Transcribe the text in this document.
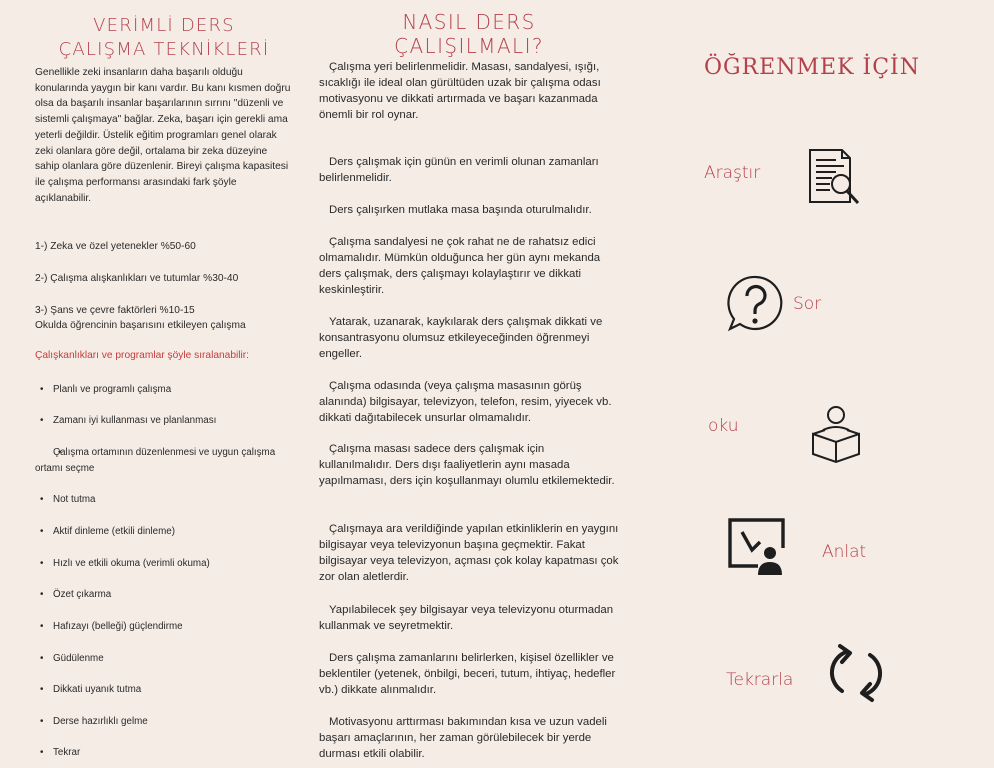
VERİMLİ DERS
ÇALIŞMA TEKNİKLERİ

Genellikle zeki insanların daha başarılı olduğu konularında yaygın bir kanı vardır. Bu kanı kısmen doğru olsa da başarılı insanlar başarılarının sırrını "düzenli ve sistemli çalışmaya" bağlar. Zeka, başarı için gerekli ama yeterli değildir. Üstelik eğitim programları genel olarak zeki olanlara göre değil, ortalama bir zeka düzeyine sahip olanlara göre düzenlenir. Bireyi çalışma kapasitesi ile çalışma performansı arasındaki fark şöyle açıklanabilir.

1-) Zeka ve özel yetenekler %50-60

2-) Çalışma alışkanlıkları ve tutumlar %30-40

3-) Şans ve çevre faktörleri %10-15

Okulda öğrencinin başarısını etkileyen çalışma

Çalışkanlıkları ve programlar şöyle sıralanabilir:
• Planlı ve programlı çalışma
• Zamanı iyi kullanması ve planlanması
• Çalışma ortamının düzenlenmesi ve uygun çalışma ortamı seçme
• Not tutma
• Aktif dinleme (etkili dinleme)
• Hızlı ve etkili okuma (verimli okuma)
• Özet çıkarma
• Hafızayı (belleği) güçlendirme
• Güdülenme
• Dikkati uyanık tutma
• Derse hazırlıklı gelme
• Tekrar
NASIL DERS
ÇALIŞILMALI?

Çalışma yeri belirlenmelidir. Masası, sandalyesi, ışığı, sıcaklığı ile ideal olan gürültüden uzak bir çalışma odası motivasyonu ve dikkati artırmada ve başarı kazanmada önemli bir rol oynar.

Ders çalışmak için günün en verimli olunan zamanları belirlenmelidir.

Ders çalışırken mutlaka masa başında oturulmalıdır.

Çalışma sandalyesi ne çok rahat ne de rahatsız edici olmamalıdır. Mümkün olduğunca her gün aynı mekanda ders çalışmak, ders çalışmayı kolaylaştırır ve dikkati keskinleştirir.

Yatarak, uzanarak, kaykılarak ders çalışmak dikkati ve konsantrasyonu olumsuz etkileyeceğinden öğrenmeyi engeller.

Çalışma odasında (veya çalışma masasının görüş alanında) bilgisayar, televizyon, telefon, resim, yiyecek vb. dikkati dağıtabilecek unsurlar olmamalıdır.

Çalışma masası sadece ders çalışmak için kullanılmalıdır. Ders dışı faaliyetlerin aynı masada yapılmaması, ders için koşullanmayı olumlu etkilemektedir.

Çalışmaya ara verildiğinde yapılan etkinliklerin en yaygını bilgisayar veya televizyonun başına geçmektir. Fakat bilgisayar veya televizyon, açması çok kolay kapatması çok zor olan aletlerdir.

Yapılabilecek şey bilgisayar veya televizyonu oturmadan kullanmak ve seyretmektir.

Ders çalışma zamanlarını belirlerken, kişisel özellikler ve beklentiler (yetenek, önbilgi, beceri, tutum, ihtiyaç, hedefler vb.) dikkate alınmalıdır.

Motivasyonu arttırması bakımından kısa ve uzun vadeli başarı amaçlarının, her zaman görülebilecek bir yerde durması etkili olabilir.

ÖĞRENMEK İÇİN
Araştır
Sor
oku
Anlat
Tekrarla
